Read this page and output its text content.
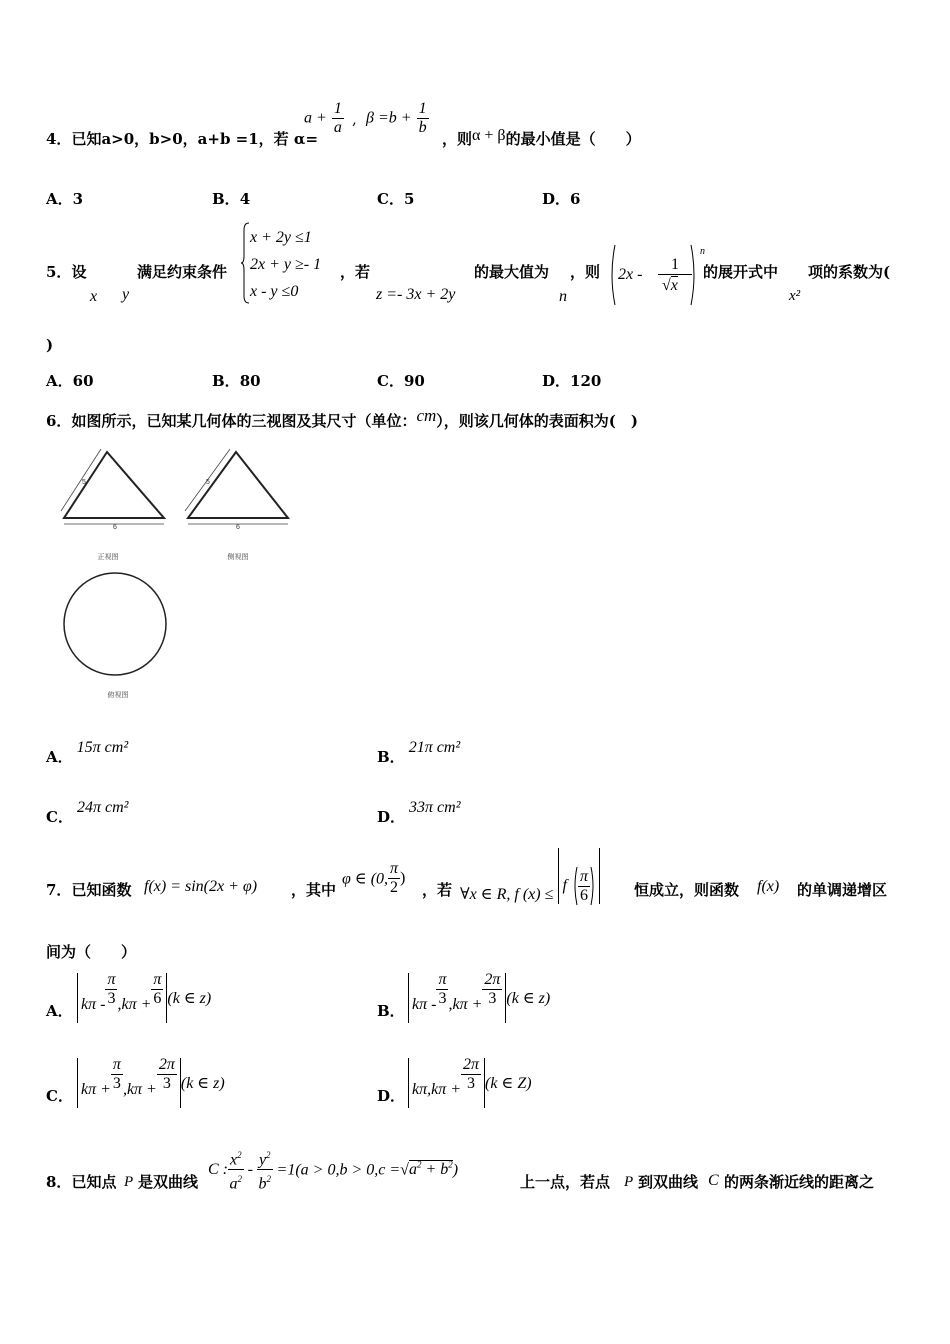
4．已知a>0，b>0，a+b =1，若 α=
$a + \frac{1}{a}$ , $\beta =b + \frac{1}{b}$
，则α + β的最小值是（　　）
A．3	B．4	C．5	D．6
5．设
x y
满足约束条件
x + 2y ≤1
2x + y ≥- 1
x - y ≤0
，若
z =- 3x + 2y
的最大值为
n
，则 2x -
1
√x
n
的展开式中
x²
项的系数为(
)
A．60	B．80	C．90	D．120
6．如图所示，已知某几何体的三视图及其尺寸（单位：cm），则该几何体的表面积为(　)
5
6
5
6
正视图	侧视图
俯视图
A．15π cm²
B．21π cm²
C．24π cm²
D．33π cm²
7．已知函数 f(x) = sin(2x + φ) ，其中
φ ∈ (0, $\frac{\pi}{2}$ )
，若 ∀x ∈ R, f (x) ≤ f $\frac{\pi}{6}$	恒成立，则函数 f(x) 的单调递增区
间为（　　）
A． $k\pi - \frac{\pi}{3} ,k\pi + \frac{\pi}{6} (k$ ∈ z)
B． $k\pi - \frac{\pi}{3} ,k\pi + \frac{2\pi}{3} (k$ ∈ z)
C． $k\pi + \frac{\pi}{3} ,k\pi + \frac{2\pi}{3} (k$ ∈ z)
D． $k\pi,k\pi + \frac{2\pi}{3} (k$ ∈ Z)
8．已知点 P 是双曲线
C : $\frac{x^2}{a^2} - \frac{y^2}{b^2} =1(a > 0,b > 0,c =√a^2 + b^2)$
上一点，若点 P 到双曲线 C 的两条渐近线的距离之
